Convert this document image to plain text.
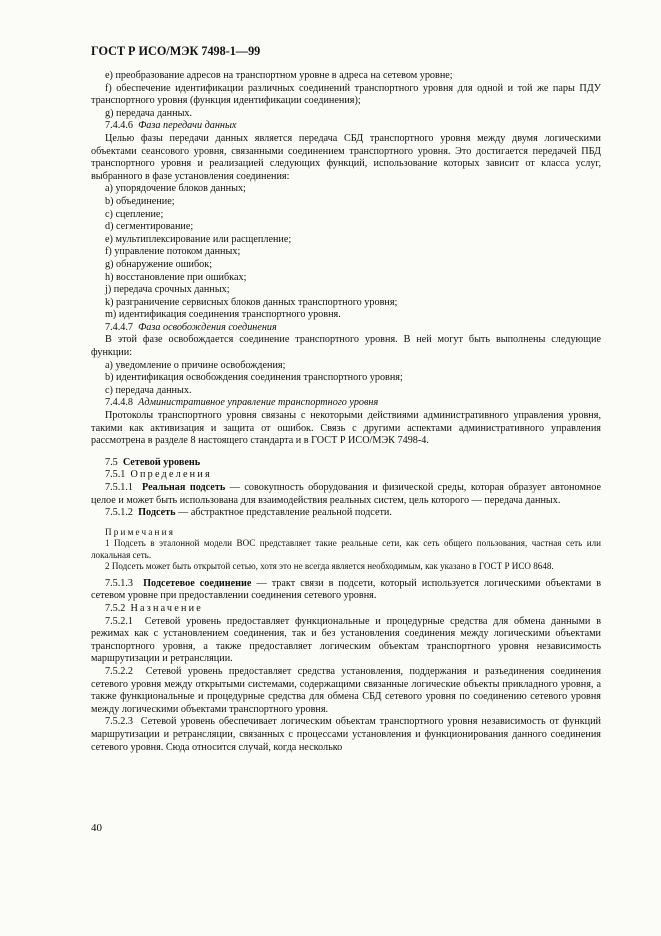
ГОСТ Р ИСО/МЭК 7498-1—99
e) преобразование адресов на транспортном уровне в адреса на сетевом уровне;
f) обеспечение идентификации различных соединений транспортного уровня для одной и той же пары ПДУ транспортного уровня (функция идентификации соединения);
g) передача данных.
7.4.4.6 Фаза передачи данных
Целью фазы передачи данных является передача СБД транспортного уровня между двумя логическими объектами сеансового уровня, связанными соединением транспортного уровня. Это достигается передачей ПБД транспортного уровня и реализацией следующих функций, использование которых зависит от класса услуг, выбранного в фазе установления соединения:
a) упорядочение блоков данных;
b) объединение;
c) сцепление;
d) сегментирование;
e) мультиплексирование или расщепление;
f) управление потоком данных;
g) обнаружение ошибок;
h) восстановление при ошибках;
j) передача срочных данных;
k) разграничение сервисных блоков данных транспортного уровня;
m) идентификация соединения транспортного уровня.
7.4.4.7 Фаза освобождения соединения
В этой фазе освобождается соединение транспортного уровня. В ней могут быть выполнены следующие функции:
a) уведомление о причине освобождения;
b) идентификация освобождения соединения транспортного уровня;
c) передача данных.
7.4.4.8 Административное управление транспортного уровня
Протоколы транспортного уровня связаны с некоторыми действиями административного управления уровня, такими как активизация и защита от ошибок. Связь с другими аспектами административного управления рассмотрена в разделе 8 настоящего стандарта и в ГОСТ Р ИСО/МЭК 7498-4.
7.5 Сетевой уровень
7.5.1 Определения
7.5.1.1 Реальная подсеть — совокупность оборудования и физической среды, которая образует автономное целое и может быть использована для взаимодействия реальных систем, цель которого — передача данных.
7.5.1.2 Подсеть — абстрактное представление реальной подсети.
Примечания
1 Подсеть в эталонной модели ВОС представляет такие реальные сети, как сеть общего пользования, частная сеть или локальная сеть.
2 Подсеть может быть открытой сетью, хотя это не всегда является необходимым, как указано в ГОСТ Р ИСО 8648.
7.5.1.3 Подсетевое соединение — тракт связи в подсети, который используется логическими объектами в сетевом уровне при предоставлении соединения сетевого уровня.
7.5.2 Назначение
7.5.2.1 Сетевой уровень предоставляет функциональные и процедурные средства для обмена данными в режимах как с установлением соединения, так и без установления соединения между логическими объектами транспортного уровня, а также предоставляет логическим объектам транспортного уровня независимость маршрутизации и ретрансляции.
7.5.2.2 Сетевой уровень предоставляет средства установления, поддержания и разъединения соединения сетевого уровня между открытыми системами, содержащими связанные логические объекты прикладного уровня, а также функциональные и процедурные средства для обмена СБД сетевого уровня по соединению сетевого уровня между логическими объектами транспортного уровня.
7.5.2.3 Сетевой уровень обеспечивает логическим объектам транспортного уровня независимость от функций маршрутизации и ретрансляции, связанных с процессами установления и функционирования данного соединения сетевого уровня. Сюда относится случай, когда несколько
40
